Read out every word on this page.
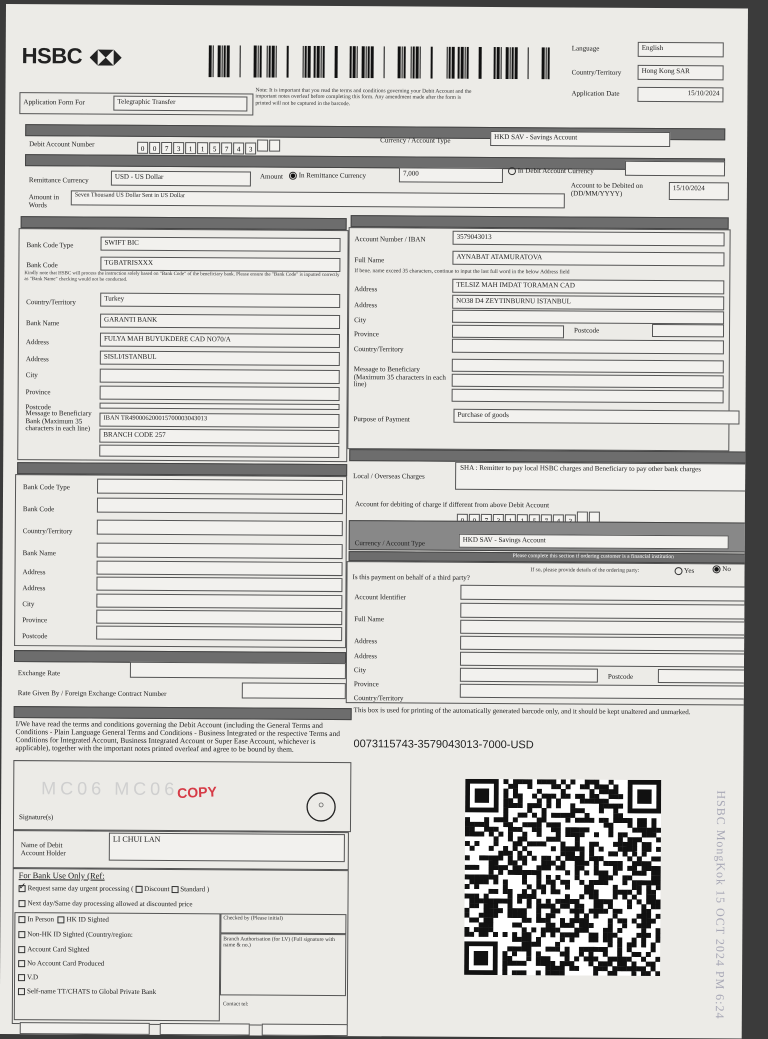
HSBC	Language	English
Country/Territory	Hong Kong SAR
Application Date	15/10/2024
Application Form For	Telegraphic Transfer
Note: It is important that you read the terms and conditions governing your Debit Account and the important notes overleaf before completing this form. Any amendment made after the form is printed will not be captured in the barcode.
Debit Account Number
0 0 7 3 1 1 5 7 4 3
Currency / Account Type	HKD SAV - Savings Account
Remittance Currency	USD - US Dollar	Amount	In Remittance Currency	7,000	In Debit Account Currency
Amount in Words
Seven Thousand US Dollar Sent in US Dollar
Account to be Debited on (DD/MM/YYYY)
15/10/2024
Bank Code Type	SWIFT BIC
Bank Code	TGBATRISXXX
Kindly note that HSBC will process the instruction solely based on "Bank Code" of the beneficiary bank. Please ensure the "Bank Code" is inputted correctly as "Bank Name" checking would not be conducted.
Country/Territory	Turkey
Bank Name	GARANTI BANK
Address	FULYA MAH BUYUKDERE CAD NO70/A
Address	SISLI/ISTANBUL
City
Province
Postcode
Message to Beneficiary Bank (Maximum 35 characters in each line)
IBAN TR490006200015700003043013
BRANCH CODE 257
Account Number / IBAN	3579043013
Full Name	AYNABAT ATAMURATOVA
If bene. name exceed 35 characters, continue to input the last full word in the below Address field
Address	TELSIZ MAH IMDAT TORAMAN CAD
Address	NO38 D4 ZEYTINBURNU ISTANBUL
City
Province	Postcode
Country/Territory
Message to Beneficiary (Maximum 35 characters in each line)
Purpose of Payment
Purchase of goods
Local / Overseas Charges
SHA : Remitter to pay local HSBC charges and Beneficiary to pay other bank charges
Account for debiting of charge if different from above Debit Account
Currency / Account Type	HKD SAV - Savings Account
Please complete this section if ordering customer is a financial institution
Is this payment on behalf of a third party?
If so, please provide details of the ordering party:	Yes	No
Account Identifier
Full Name
Address
Address
City
Postcode
Province
Country/Territory
Bank Code Type
Bank Code
Country/Territory
Bank Name
Address
Address
City
Province
Postcode
Exchange Rate
Rate Given By / Foreign Exchange Contract Number
I/We have read the terms and conditions governing the Debit Account (including the General Terms and Conditions - Plain Language General Terms and Conditions - Business Integrated or the respective Terms and Conditions for Integrated Account, Business Integrated Account or Super Ease Account, whichever is applicable), together with the important notes printed overleaf and agree to be bound by them.
MC06 MC06
COPY
Signature(s)
Name of Debit Account Holder
LI CHUI LAN
For Bank Use Only (Ref:
✓Request same day urgent processing ( Discount Standard )
Next day/Same day processing allowed at discounted price
In Person HK ID Sighted
Non-HK ID Sighted (Country/region:
Account Card Sighted
No Account Card Produced
V.D
Self-name TT/CHATS to Global Private Bank
Checked by (Please initial)
Branch Authorisation (for LV) (Full signature with name & no.)
Contact tel:
This box is used for printing of the automatically generated barcode only, and it should be kept unaltered and unmarked.
0073115743-3579043013-7000-USD
HSBC MongKok 15 OCT 2024 PM 6:24
